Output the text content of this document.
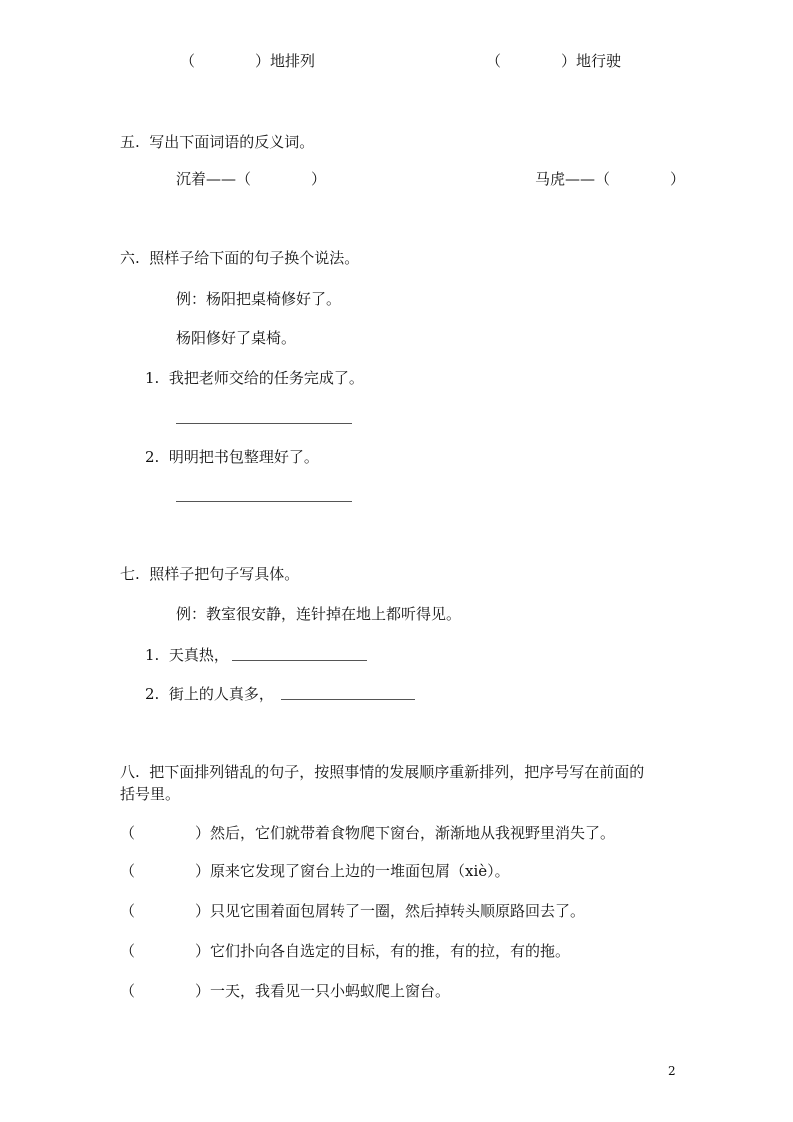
（　　　　）地排列	（　　　　）地行驶
五.  写出下面词语的反义词。
沉着——（　　　　）	马虎——（　　　　）
六.  照样子给下面的句子换个说法。
例：杨阳把桌椅修好了。
杨阳修好了桌椅。
1.  我把老师交给的任务完成了。
2.  明明把书包整理好了。
七.  照样子把句子写具体。
例：教室很安静，连针掉在地上都听得见。
1.  天真热，
2.  街上的人真多，
八.  把下面排列错乱的句子，按照事情的发展顺序重新排列，把序号写在前面的
括号里。
（　　　　）然后，它们就带着食物爬下窗台，渐渐地从我视野里消失了。
（　　　　）原来它发现了窗台上边的一堆面包屑（xiè）。
（　　　　）只见它围着面包屑转了一圈，然后掉转头顺原路回去了。
（　　　　）它们扑向各自选定的目标，有的推，有的拉，有的拖。
（　　　　）一天，我看见一只小蚂蚁爬上窗台。
2
